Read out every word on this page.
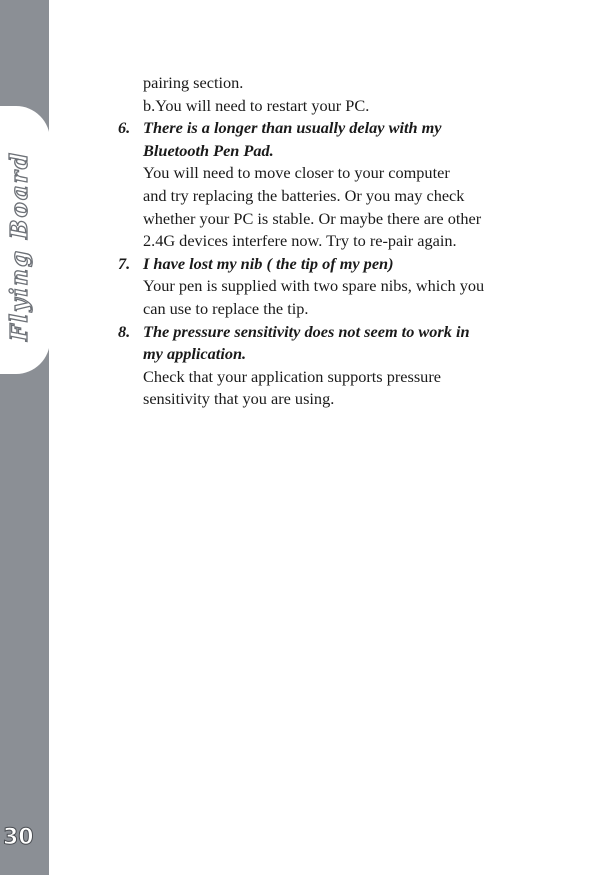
Flying Board
30
pairing section.
b.You will need to restart your PC.
6. There is a longer than usually delay with my
Bluetooth Pen Pad.
You will need to move closer to your computer
and try replacing the batteries. Or you may check
whether your PC is stable. Or maybe there are other
2.4G devices interfere now. Try to re-pair again.
7. I have lost my nib ( the tip of my pen)
Your pen is supplied with two spare nibs, which you
can use to replace the tip.
8. The pressure sensitivity does not seem to work in
my application.
Check that your application supports pressure
sensitivity that you are using.
